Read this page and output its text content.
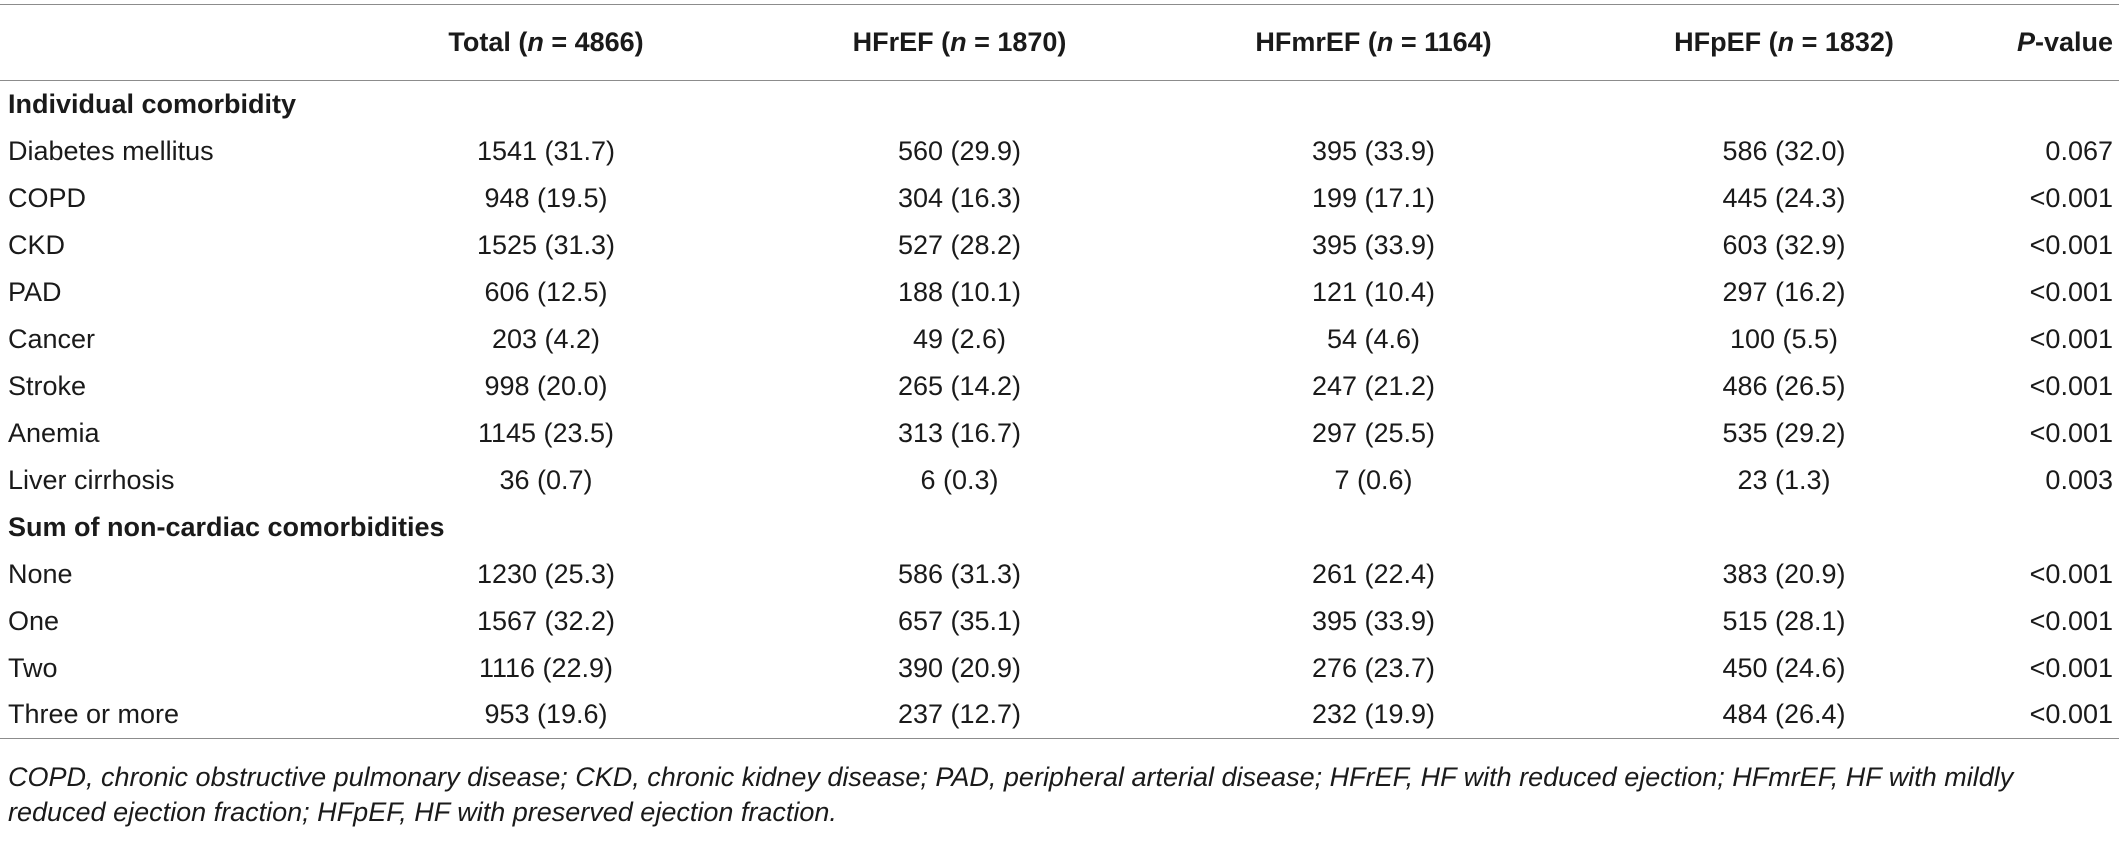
	Total (n = 4866)	HFrEF (n = 1870)	HFmrEF (n = 1164)	HFpEF (n = 1832)	P-value
Individual comorbidity					
Diabetes mellitus	1541 (31.7)	560 (29.9)	395 (33.9)	586 (32.0)	0.067
COPD	948 (19.5)	304 (16.3)	199 (17.1)	445 (24.3)	<0.001
CKD	1525 (31.3)	527 (28.2)	395 (33.9)	603 (32.9)	<0.001
PAD	606 (12.5)	188 (10.1)	121 (10.4)	297 (16.2)	<0.001
Cancer	203 (4.2)	49 (2.6)	54 (4.6)	100 (5.5)	<0.001
Stroke	998 (20.0)	265 (14.2)	247 (21.2)	486 (26.5)	<0.001
Anemia	1145 (23.5)	313 (16.7)	297 (25.5)	535 (29.2)	<0.001
Liver cirrhosis	36 (0.7)	6 (0.3)	7 (0.6)	23 (1.3)	0.003
Sum of non-cardiac comorbidities					
None	1230 (25.3)	586 (31.3)	261 (22.4)	383 (20.9)	<0.001
One	1567 (32.2)	657 (35.1)	395 (33.9)	515 (28.1)	<0.001
Two	1116 (22.9)	390 (20.9)	276 (23.7)	450 (24.6)	<0.001
Three or more	953 (19.6)	237 (12.7)	232 (19.9)	484 (26.4)	<0.001
COPD, chronic obstructive pulmonary disease; CKD, chronic kidney disease; PAD, peripheral arterial disease; HFrEF, HF with reduced ejection; HFmrEF, HF with mildly reduced ejection fraction; HFpEF, HF with preserved ejection fraction.
